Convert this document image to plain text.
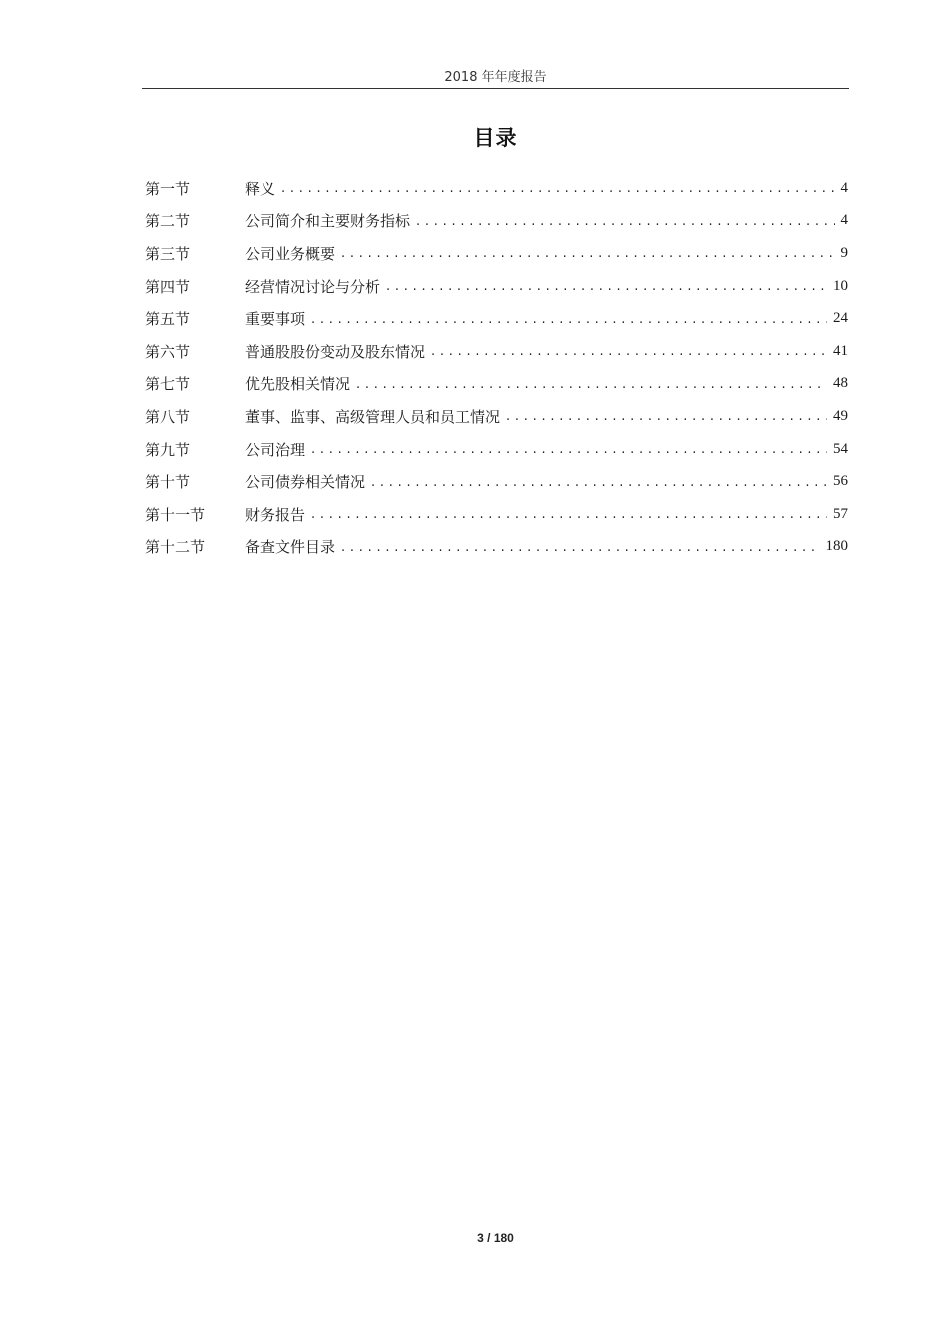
2018 年年度报告
目录
第一节	释义 . . .	4
第二节	公司简介和主要财务指标 . . .	4
第三节	公司业务概要 . . .	9
第四节	经营情况讨论与分析 . . .	10
第五节	重要事项 . . .	24
第六节	普通股股份变动及股东情况 . . .	41
第七节	优先股相关情况 . . .	48
第八节	董事、监事、高级管理人员和员工情况 . . .	49
第九节	公司治理 . . .	54
第十节	公司债券相关情况 . . .	56
第十一节	财务报告 . . .	57
第十二节	备查文件目录 . . .	180
3 / 180
